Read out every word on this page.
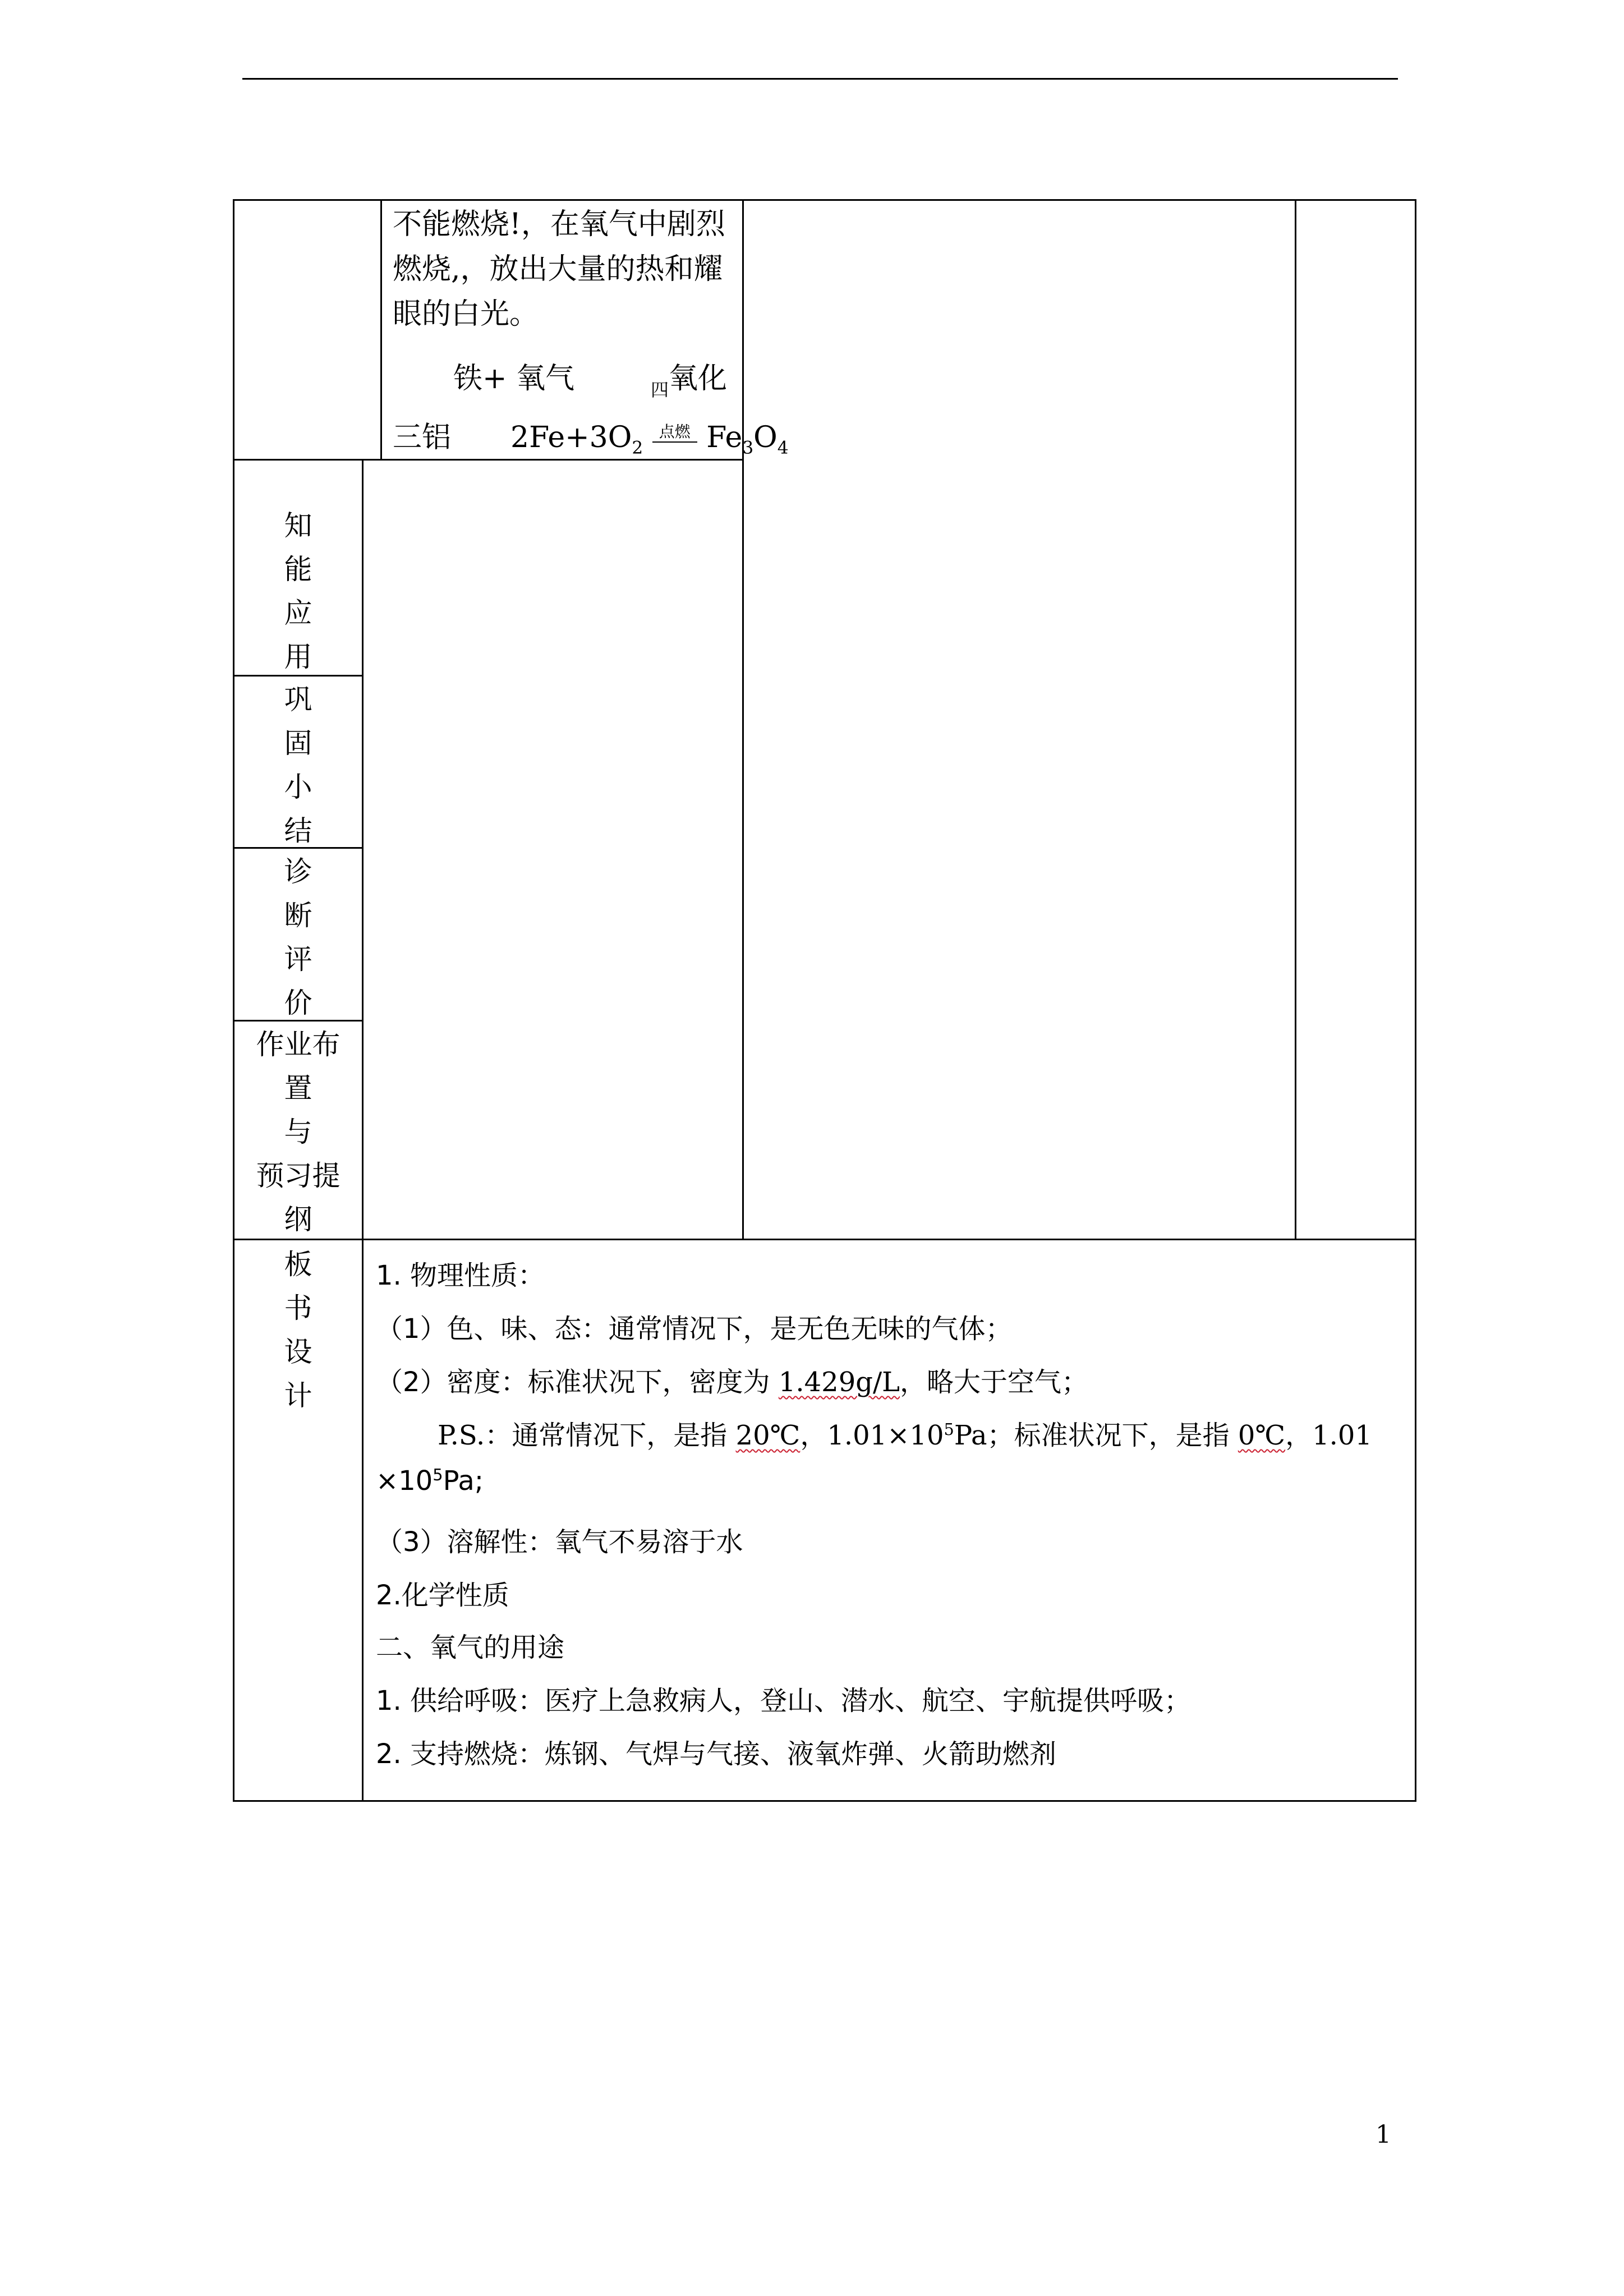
不能燃烧!，在氧气中剧烈
燃烧,，放出大量的热和耀
眼的白光。
铁+ 氧气	四 氧化
三铝 $2Fe+3O_2$ 点燃 $Fe_3O_4$
知
能
应
用
巩
固
小
结
诊
断
评
价
作业布
置
与
预习提
纲
板
书
设
计
1. 物理性质：
（1）色、味、态：通常情况下，是无色无味的气体；
（2）密度：标准状况下，密度为 1.429g/L，略大于空气；
P.S.：通常情况下，是指 20℃，$1.01\times 10^5Pa$；标准状况下，是指 0℃，1.01
$\times 10^5Pa$;
（3）溶解性：氧气不易溶于水
2.化学性质
二、氧气的用途
1. 供给呼吸：医疗上急救病人，登山、潜水、航空、宇航提供呼吸；
2. 支持燃烧：炼钢、气焊与气接、液氧炸弹、火箭助燃剂
1
